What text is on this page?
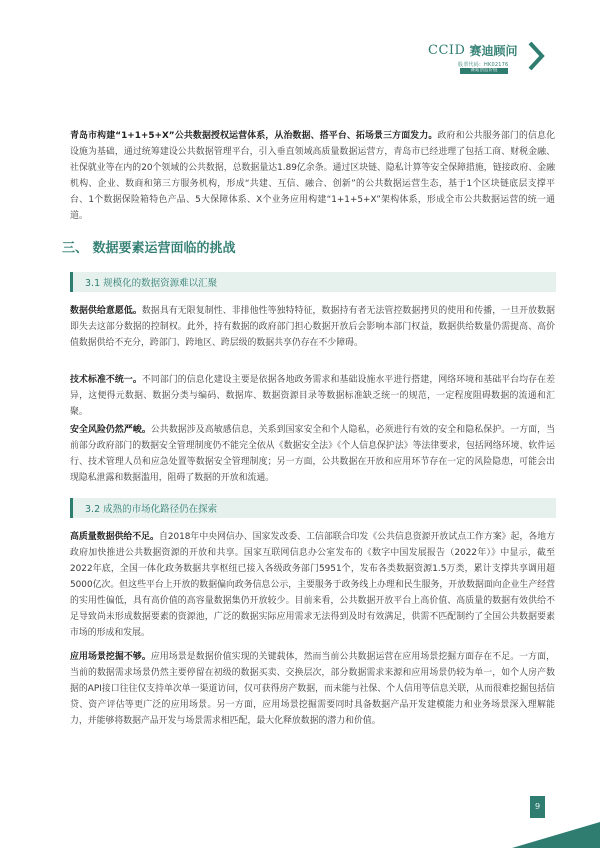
CCID 赛迪顾问
股票代码：HK02176
赛迪创造价值

青岛市构建“1+1+5+X”公共数据授权运营体系，从治数据、搭平台、拓场景三方面发力。政府和公共服务部门的信息化设施为基础，通过统筹建设公共数据管理平台，引入垂直领域高质量数据运营方，青岛市已经进理了包括工商、财税金融、社保就业等在内的20个领域的公共数据，总数据量达1.89亿余条。通过区块链、隐私计算等安全保障措施，链接政府、金融机构、企业、数商和第三方服务机构，形成“共建、互信、融合、创新”的公共数据运营生态，基于1个区块链底层支撑平台、1个数据保险箱特色产品、5大保障体系、X个业务应用构建“1+1+5+X”架构体系，形成全市公共数据运营的统一通道。

三、 数据要素运营面临的挑战
3.1 规模化的数据资源难以汇聚

数据供给意愿低。数据具有无限复制性、非排他性等独特特征，数据持有者无法管控数据拷贝的使用和传播，一旦开放数据即失去这部分数据的控制权。此外，持有数据的政府部门担心数据开放后会影响本部门权益，数据供给数量仍需提高、高价值数据供给不充分，跨部门、跨地区、跨层级的数据共享仍存在不少障碍。

技术标准不统一。不同部门的信息化建设主要是依据各地政务需求和基础设施水平进行搭建，网络环境和基础平台均存在差异，这便得元数据、数据分类与编码、数据库、数据资源目录等数据标准缺乏统一的规范，一定程度阻碍数据的流通和汇聚。

安全风险仍然严峻。公共数据涉及高敏感信息，关系到国家安全和个人隐私，必须进行有效的安全和隐私保护。一方面，当前部分政府部门的数据安全管理制度仍不能完全依从《数据安全法》《个人信息保护法》等法律要求，包括网络环境、软件运行、技术管理人员和应急处置等数据安全管理制度；另一方面，公共数据在开放和应用环节存在一定的风险隐患，可能会出现隐私泄露和数据滥用，阻碍了数据的开放和流通。

3.2 成熟的市场化路径仍在探索

高质量数据供给不足。自2018年中央网信办、国家发改委、工信部联合印发《公共信息资源开放试点工作方案》起，各地方政府加快推进公共数据资源的开放和共享。国家互联网信息办公室发布的《数字中国发展报告（2022年）》中显示，截至2022年底，全国一体化政务数据共享枢纽已接入各级政务部门5951个，发布各类数据资源1.5万类，累计支撑共享调用超5000亿次。但这些平台上开放的数据偏向政务信息公示，主要服务于政务线上办理和民生服务，开放数据面向企业生产经营的实用性偏低，具有高价值的高容量数据集仍开放较少。目前来看，公共数据开放平台上高价值、高质量的数据有效供给不足导致尚未形成数据要素的资源池，广泛的数据实际应用需求无法得到及时有效满足，供需不匹配制约了全国公共数据要素市场的形成和发展。

应用场景挖掘不够。应用场景是数据价值实现的关键载体，然而当前公共数据运营在应用场景挖掘方面存在不足。一方面，当前的数据需求场景仍然主要停留在初级的数据买卖、交换层次，部分数据需求来源和应用场景仍较为单一，如个人房产数据的API接口往往仅支持单次单一渠道访问，仅可获得房产数据，而未能与社保、个人信用等信息关联，从而很难挖掘包括信贷、资产评估等更广泛的应用场景。另一方面，应用场景挖掘需要同时具备数据产品开发建模能力和业务场景深入理解能力，并能够将数据产品开发与场景需求相匹配，最大化释放数据的潜力和价值。

9
